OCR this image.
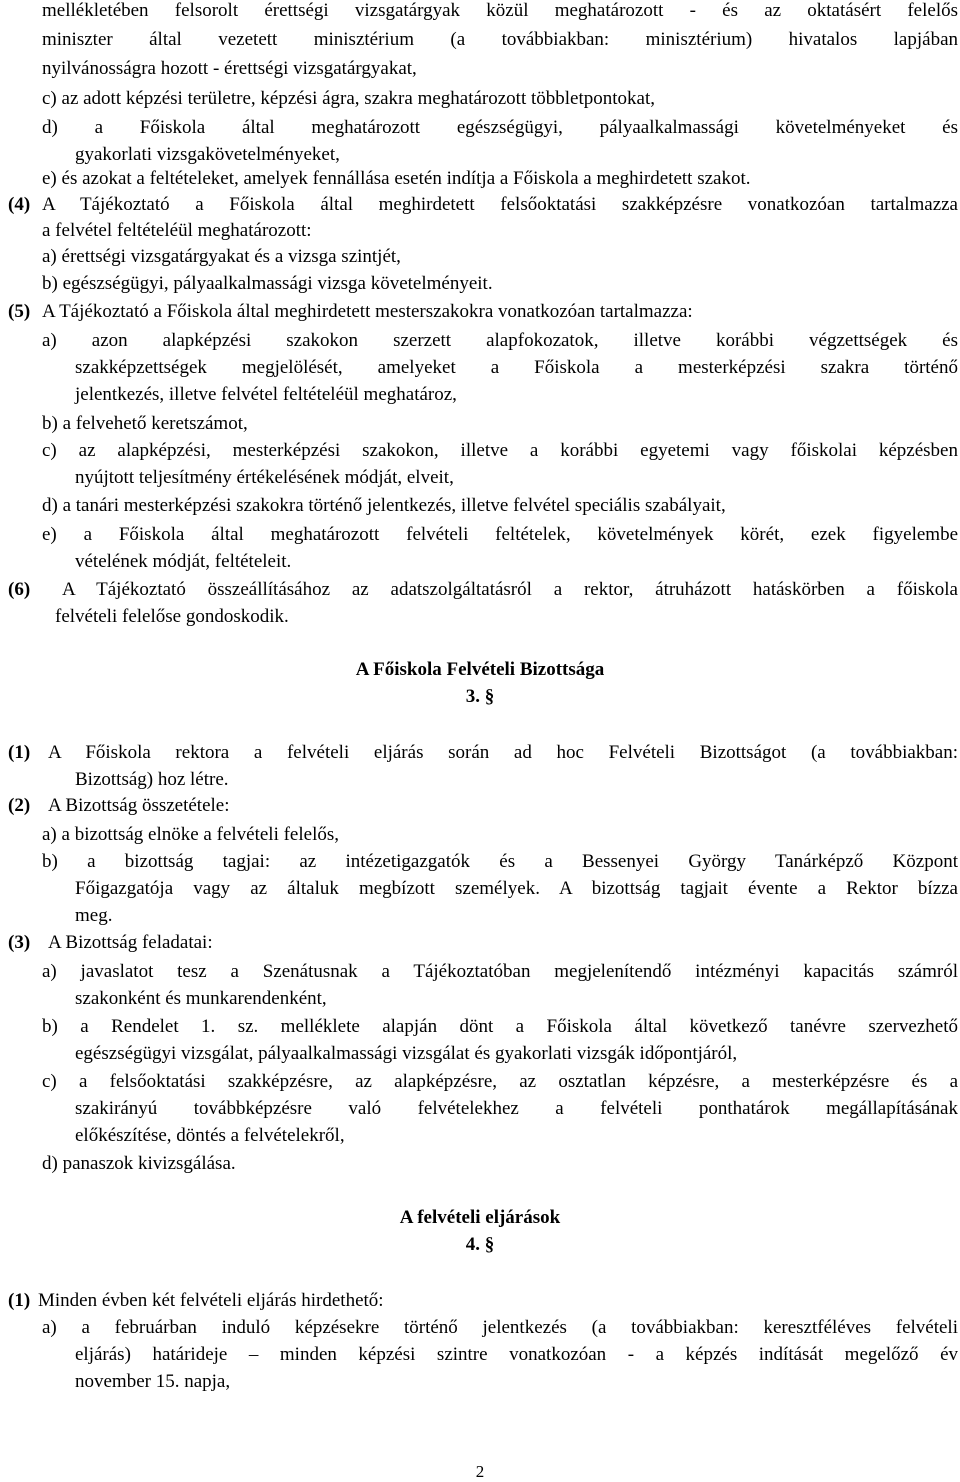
mellékletében felsorolt érettségi vizsgatárgyak közül meghatározott - és az oktatásért felelős
miniszter által vezetett minisztérium (a továbbiakban: minisztérium) hivatalos lapjában
nyilvánosságra hozott - érettségi vizsgatárgyakat,
c) az adott képzési területre, képzési ágra, szakra meghatározott többletpontokat,
d) a Főiskola által meghatározott egészségügyi, pályaalkalmassági követelményeket és
gyakorlati vizsgakövetelményeket,
e) és azokat a feltételeket, amelyek fennállása esetén indítja a Főiskola a meghirdetett szakot.
(4) A Tájékoztató a Főiskola által meghirdetett felsőoktatási szakképzésre vonatkozóan tartalmazza
a felvétel feltételéül meghatározott:
a) érettségi vizsgatárgyakat és a vizsga szintjét,
b) egészségügyi, pályaalkalmassági vizsga követelményeit.
(5) A Tájékoztató a Főiskola által meghirdetett mesterszakokra vonatkozóan tartalmazza:
a) azon alapképzési szakokon szerzett alapfokozatok, illetve korábbi végzettségek és
szakképzettségek megjelölését, amelyeket a Főiskola a mesterképzési szakra történő
jelentkezés, illetve felvétel feltételéül meghatároz,
b) a felvehető keretszámot,
c) az alapképzési, mesterképzési szakokon, illetve a korábbi egyetemi vagy főiskolai képzésben
nyújtott teljesítmény értékelésének módját, elveit,
d) a tanári mesterképzési szakokra történő jelentkezés, illetve felvétel speciális szabályait,
e) a Főiskola által meghatározott felvételi feltételek, követelmények körét, ezek figyelembe
vételének módját, feltételeit.
(6) A Tájékoztató összeállításához az adatszolgáltatásról a rektor, átruházott hatáskörben a főiskola
felvételi felelőse gondoskodik.
A Főiskola Felvételi Bizottsága
3. §
(1) A Főiskola rektora a felvételi eljárás során ad hoc Felvételi Bizottságot (a továbbiakban:
Bizottság) hoz létre.
(2) A Bizottság összetétele:
a) a bizottság elnöke a felvételi felelős,
b) a bizottság tagjai: az intézetigazgatók és a Bessenyei György Tanárképző Központ
Főigazgatója vagy az általuk megbízott személyek. A bizottság tagjait évente a Rektor bízza
meg.
(3) A Bizottság feladatai:
a) javaslatot tesz a Szenátusnak a Tájékoztatóban megjelenítendő intézményi kapacitás számról
szakonként és munkarendenként,
b) a Rendelet 1. sz. melléklete alapján dönt a Főiskola által következő tanévre szervezhető
egészségügyi vizsgálat, pályaalkalmassági vizsgálat és gyakorlati vizsgák időpontjáról,
c) a felsőoktatási szakképzésre, az alapképzésre, az osztatlan képzésre, a mesterképzésre és a
szakirányú továbbképzésre való felvételekhez a felvételi ponthatárok megállapításának
előkészítése, döntés a felvételekről,
d) panaszok kivizsgálása.
A felvételi eljárások
4. §
(1) Minden évben két felvételi eljárás hirdethető:
a) a februárban induló képzésekre történő jelentkezés (a továbbiakban: keresztféléves felvételi
eljárás) határideje – minden képzési szintre vonatkozóan - a képzés indítását megelőző év
november 15. napja,
2
